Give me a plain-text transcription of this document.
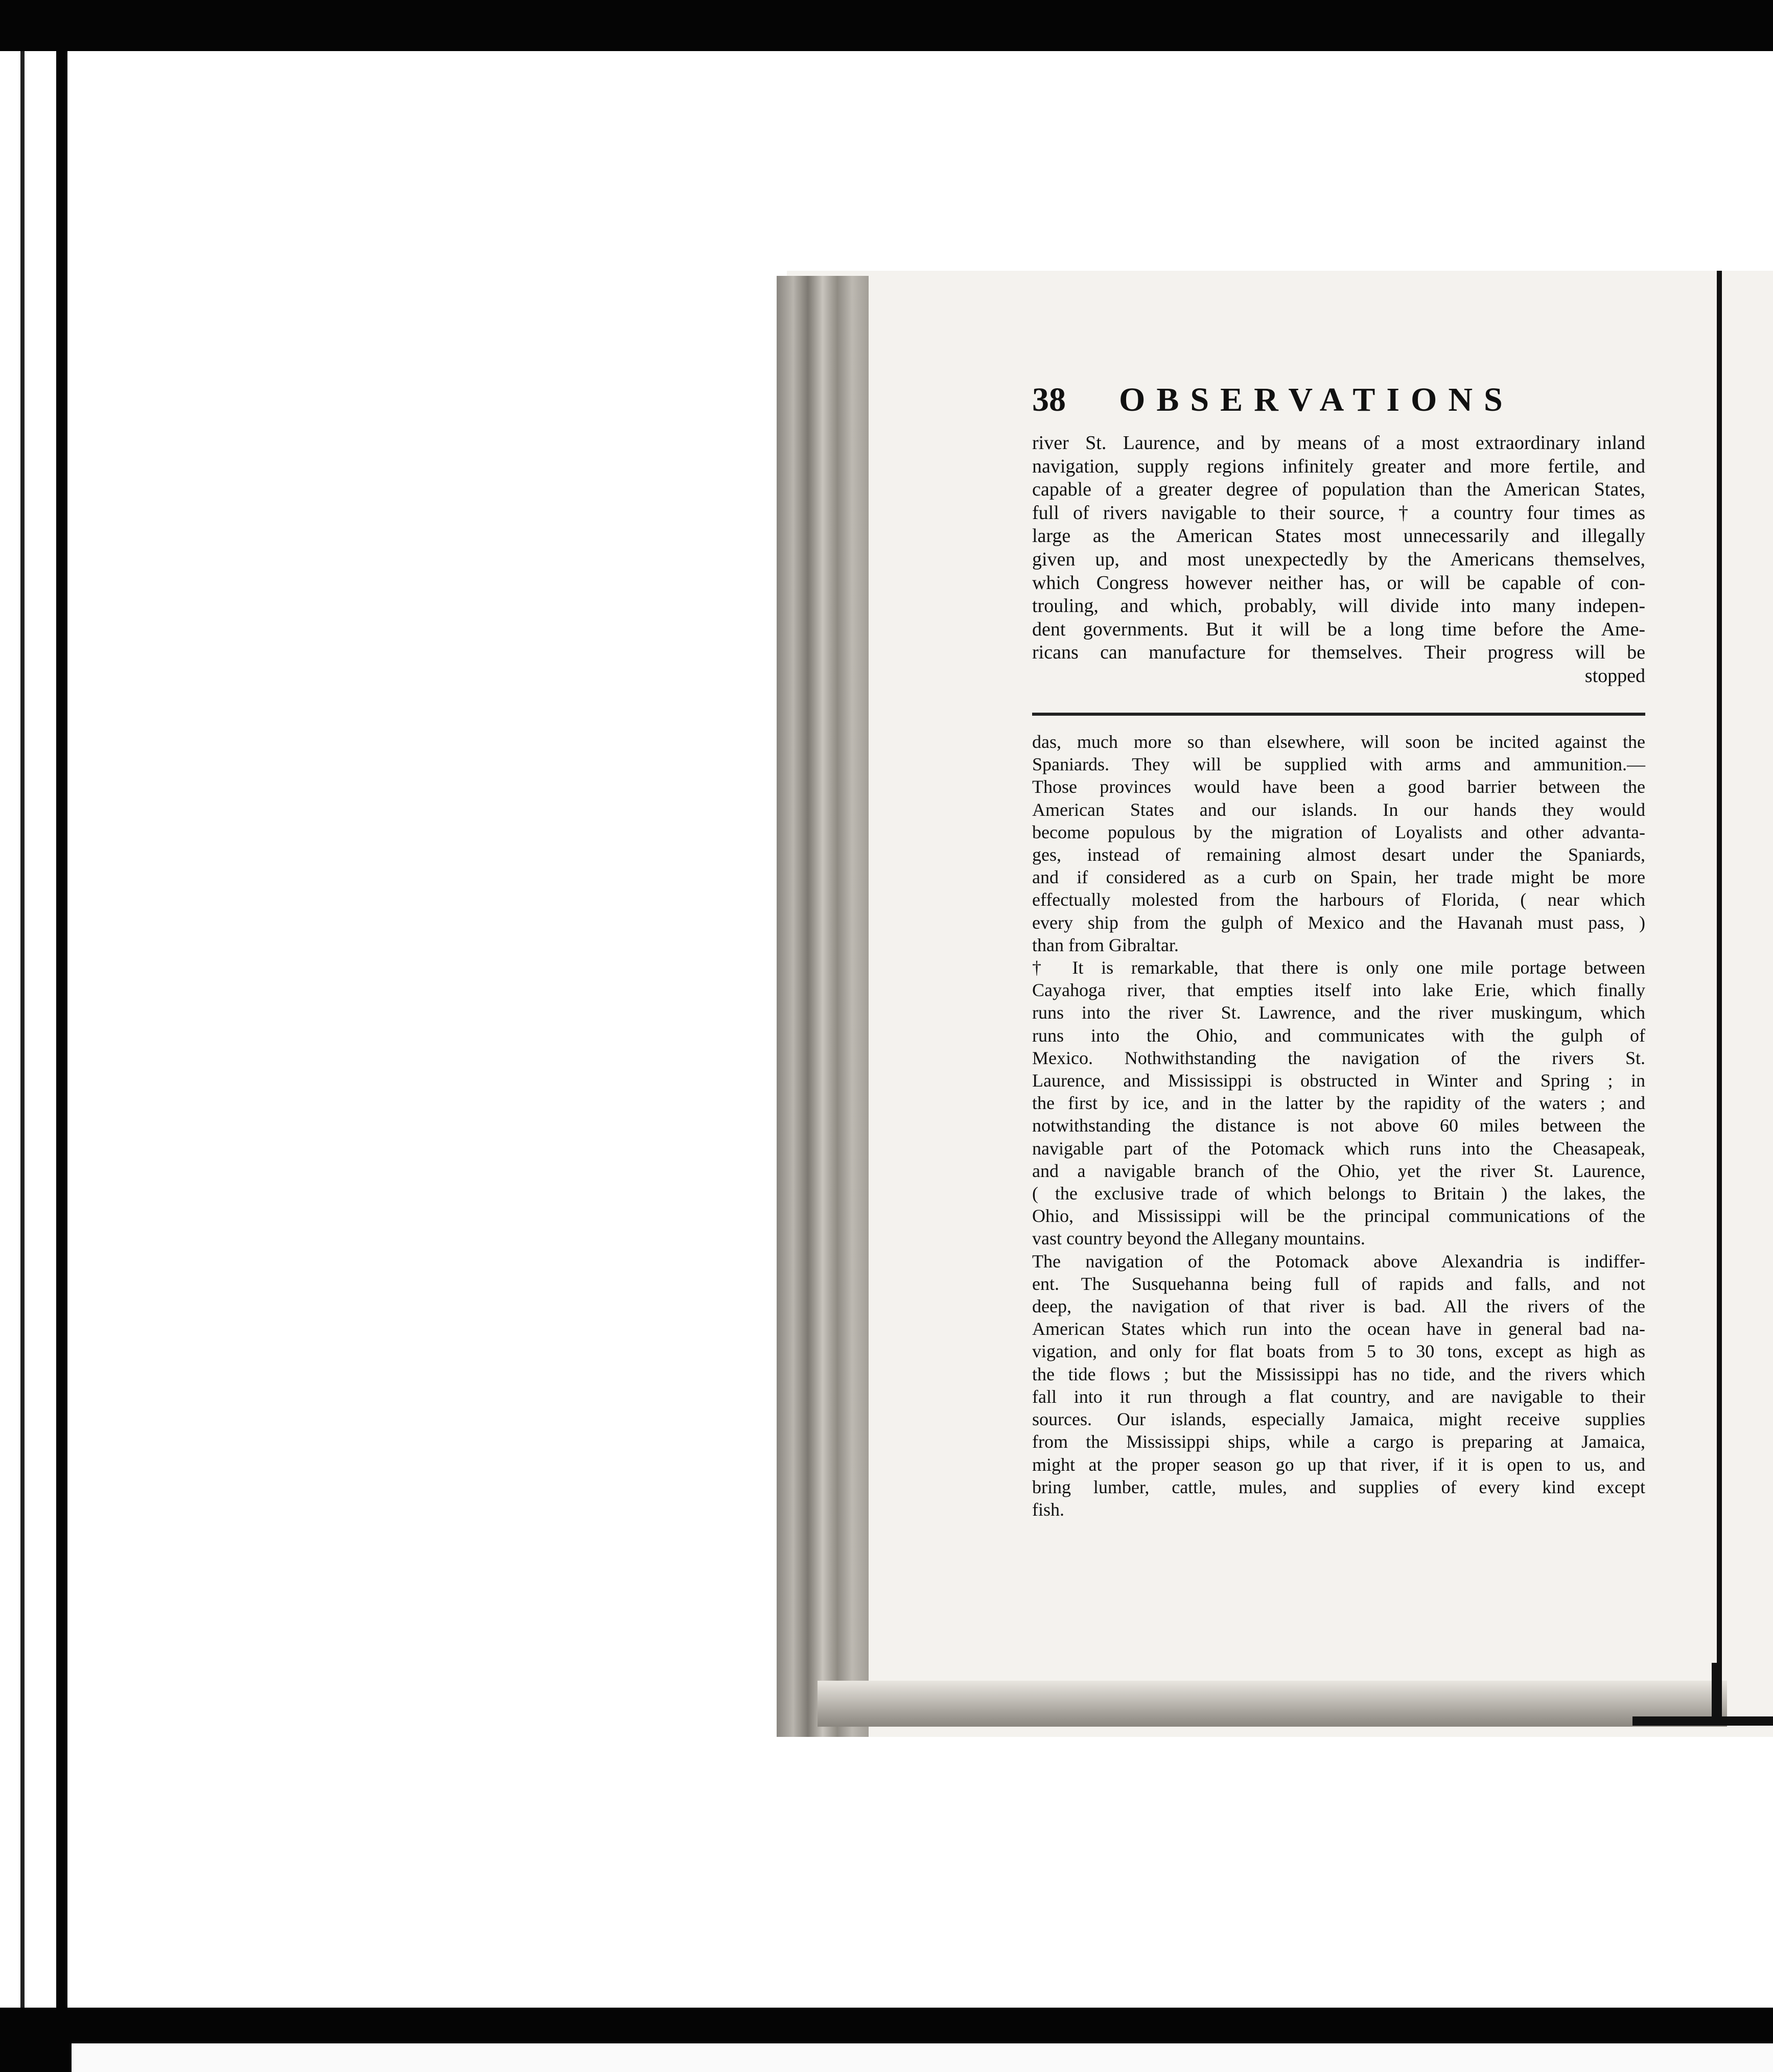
38 OBSERVATIONS
river St. Laurence, and by means of a most extraordinary inland
navigation, supply regions infinitely greater and more fertile, and
capable of a greater degree of population than the American States,
full of rivers navigable to their source, † a country four times as
large as the American States most unnecessarily and illegally
given up, and most unexpectedly by the Americans themselves,
which Congress however neither has, or will be capable of con-
trouling, and which, probably, will divide into many indepen-
dent governments. But it will be a long time before the Ame-
ricans can manufacture for themselves. Their progress will be
stopped
das, much more so than elsewhere, will soon be incited against the
Spaniards. They will be supplied with arms and ammunition.—
Those provinces would have been a good barrier between the
American States and our islands. In our hands they would
become populous by the migration of Loyalists and other advanta-
ges, instead of remaining almost desart under the Spaniards,
and if considered as a curb on Spain, her trade might be more
effectually molested from the harbours of Florida, ( near which
every ship from the gulph of Mexico and the Havanah must pass, )
than from Gibraltar.
† It is remarkable, that there is only one mile portage between
Cayahoga river, that empties itself into lake Erie, which finally
runs into the river St. Lawrence, and the river muskingum, which
runs into the Ohio, and communicates with the gulph of
Mexico. Nothwithstanding the navigation of the rivers St.
Laurence, and Mississippi is obstructed in Winter and Spring ; in
the first by ice, and in the latter by the rapidity of the waters ; and
notwithstanding the distance is not above 60 miles between the
navigable part of the Potomack which runs into the Cheasapeak,
and a navigable branch of the Ohio, yet the river St. Laurence,
( the exclusive trade of which belongs to Britain ) the lakes, the
Ohio, and Mississippi will be the principal communications of the
vast country beyond the Allegany mountains.
The navigation of the Potomack above Alexandria is indiffer-
ent. The Susquehanna being full of rapids and falls, and not
deep, the navigation of that river is bad. All the rivers of the
American States which run into the ocean have in general bad na-
vigation, and only for flat boats from 5 to 30 tons, except as high as
the tide flows ; but the Mississippi has no tide, and the rivers which
fall into it run through a flat country, and are navigable to their
sources. Our islands, especially Jamaica, might receive supplies
from the Mississippi ships, while a cargo is preparing at Jamaica,
might at the proper season go up that river, if it is open to us, and
bring lumber, cattle, mules, and supplies of every kind except
fish.
